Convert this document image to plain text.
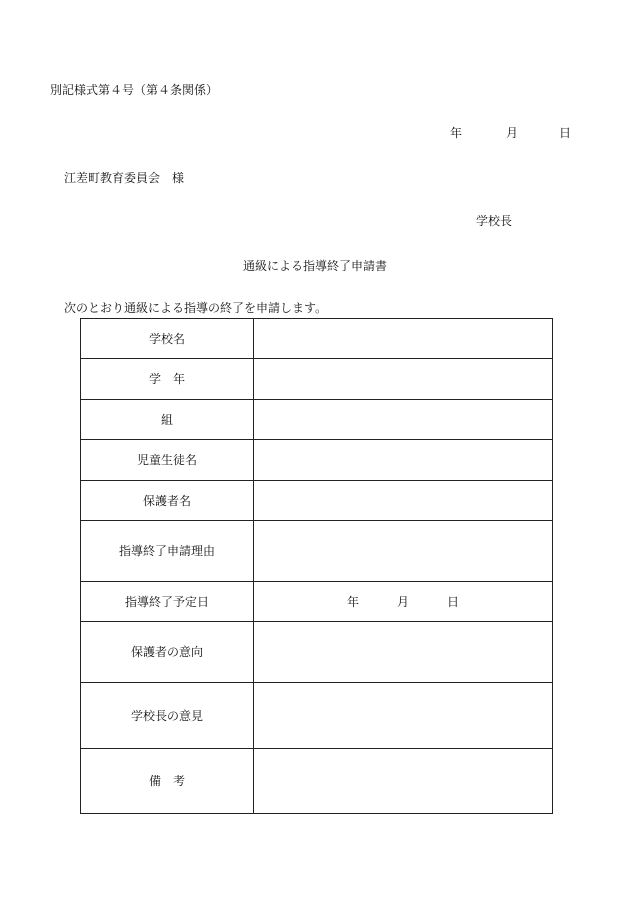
別記様式第４号（第４条関係）
年	月	日
江差町教育委員会　様
学校長
通級による指導終了申請書
次のとおり通級による指導の終了を申請します。
学校名	
学　年	
組	
児童生徒名	
保護者名	
指導終了申請理由	
指導終了予定日	年 月 日
保護者の意向	
学校長の意見	
備　考	
